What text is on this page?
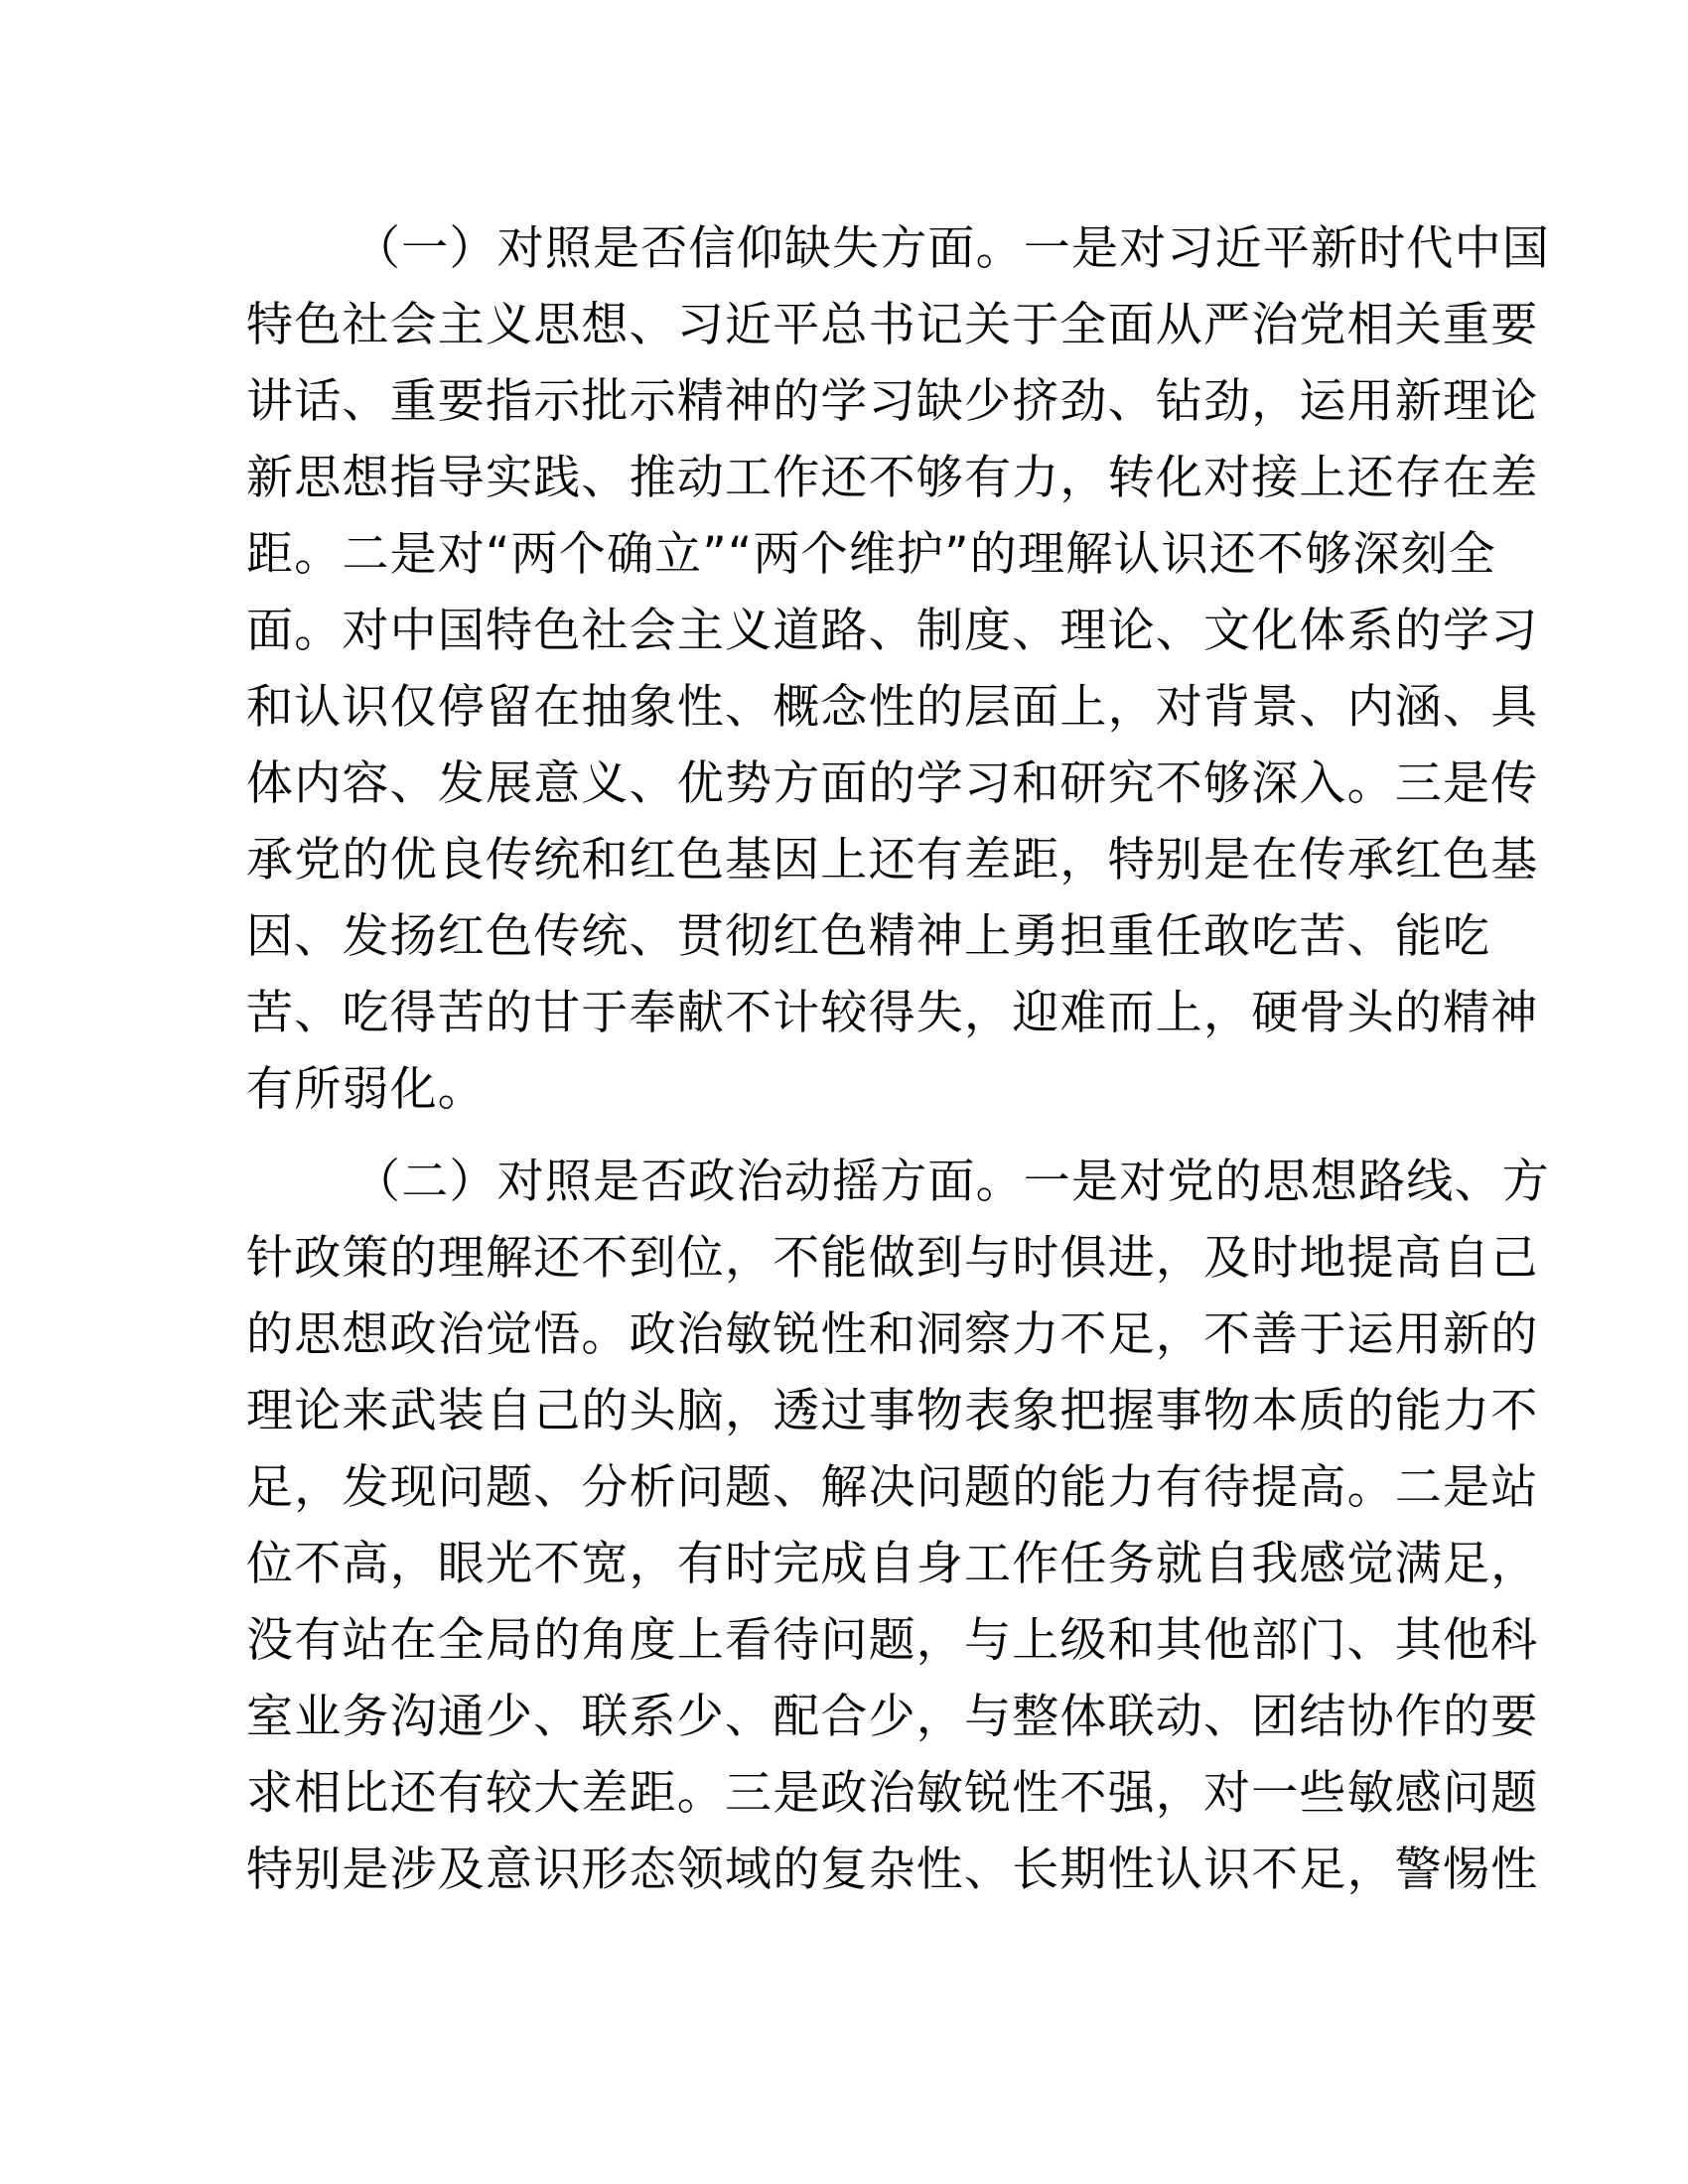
（一）对照是否信仰缺失方面。一是对习近平新时代中国
特色社会主义思想、习近平总书记关于全面从严治党相关重要
讲话、重要指示批示精神的学习缺少挤劲、钻劲，运用新理论
新思想指导实践、推动工作还不够有力，转化对接上还存在差
距。二是对“两个确立”“两个维护”的理解认识还不够深刻全
面。对中国特色社会主义道路、制度、理论、文化体系的学习
和认识仅停留在抽象性、概念性的层面上，对背景、内涵、具
体内容、发展意义、优势方面的学习和研究不够深入。三是传
承党的优良传统和红色基因上还有差距，特别是在传承红色基
因、发扬红色传统、贯彻红色精神上勇担重任敢吃苦、能吃
苦、吃得苦的甘于奉献不计较得失，迎难而上，硬骨头的精神
有所弱化。
（二）对照是否政治动摇方面。一是对党的思想路线、方
针政策的理解还不到位，不能做到与时俱进，及时地提高自己
的思想政治觉悟。政治敏锐性和洞察力不足，不善于运用新的
理论来武装自己的头脑，透过事物表象把握事物本质的能力不
足，发现问题、分析问题、解决问题的能力有待提高。二是站
位不高，眼光不宽，有时完成自身工作任务就自我感觉满足，
没有站在全局的角度上看待问题，与上级和其他部门、其他科
室业务沟通少、联系少、配合少，与整体联动、团结协作的要
求相比还有较大差距。三是政治敏锐性不强，对一些敏感问题
特别是涉及意识形态领域的复杂性、长期性认识不足，警惕性
